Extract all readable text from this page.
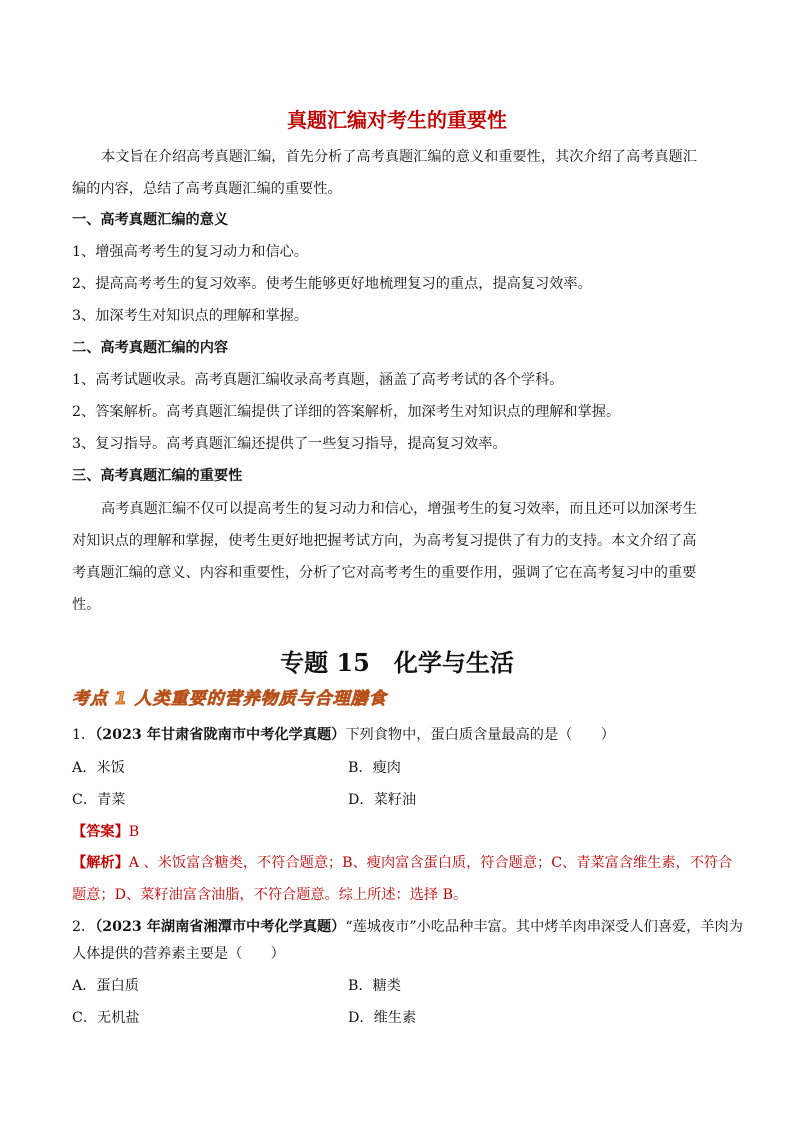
真题汇编对考生的重要性
本文旨在介绍高考真题汇编，首先分析了高考真题汇编的意义和重要性，其次介绍了高考真题汇
编的内容，总结了高考真题汇编的重要性。
一、高考真题汇编的意义
1、增强高考考生的复习动力和信心。
2、提高高考考生的复习效率。使考生能够更好地梳理复习的重点，提高复习效率。
3、加深考生对知识点的理解和掌握。
二、高考真题汇编的内容
1、高考试题收录。高考真题汇编收录高考真题，涵盖了高考考试的各个学科。
2、答案解析。高考真题汇编提供了详细的答案解析，加深考生对知识点的理解和掌握。
3、复习指导。高考真题汇编还提供了一些复习指导，提高复习效率。
三、高考真题汇编的重要性
高考真题汇编不仅可以提高考生的复习动力和信心，增强考生的复习效率，而且还可以加深考生
对知识点的理解和掌握，使考生更好地把握考试方向，为高考复习提供了有力的支持。本文介绍了高
考真题汇编的意义、内容和重要性，分析了它对高考考生的重要作用，强调了它在高考复习中的重要
性。
专题 15　化学与生活
考点 1 人类重要的营养物质与合理膳食
1．（2023 年甘肃省陇南市中考化学真题）下列食物中，蛋白质含量最高的是（　　）
A．米饭	B．瘦肉
C．青菜	D．菜籽油
【答案】B
【解析】A 、米饭富含糖类，不符合题意；B、瘦肉富含蛋白质，符合题意；C、青菜富含维生素，不符合
题意；D、菜籽油富含油脂，不符合题意。综上所述：选择 B。
2．（2023 年湖南省湘潭市中考化学真题）“莲城夜市”小吃品种丰富。其中烤羊肉串深受人们喜爱，羊肉为
人体提供的营养素主要是（　　）
A．蛋白质	B．糖类
C．无机盐	D．维生素
